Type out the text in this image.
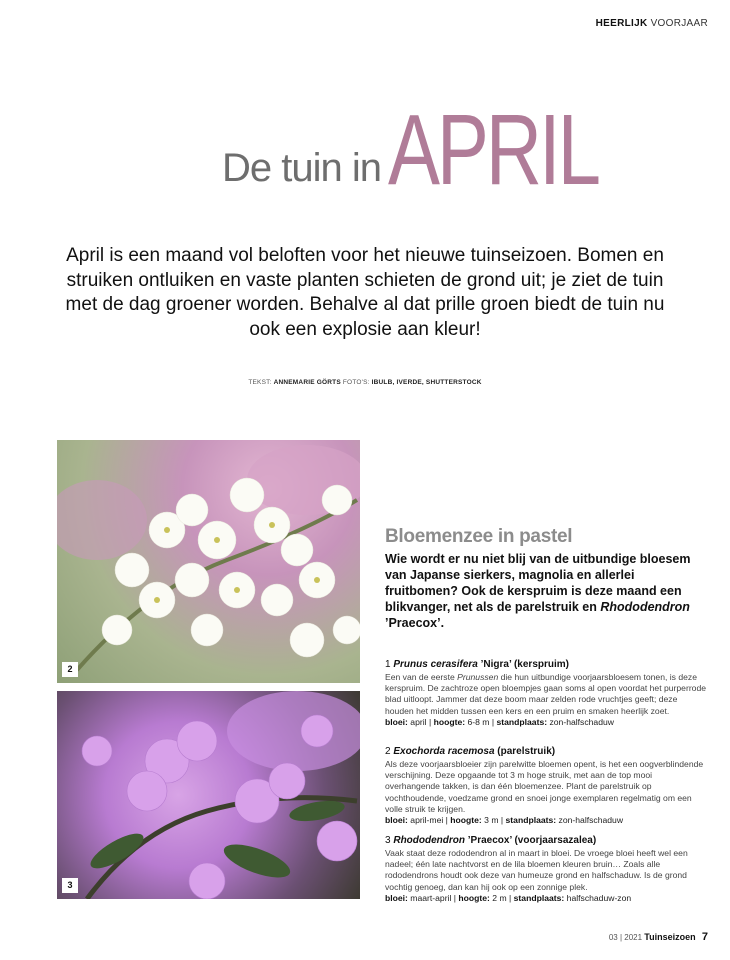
HEERLIJK VOORJAAR
De tuin in APRIL

April is een maand vol beloften voor het nieuwe tuinseizoen. Bomen en struiken ontluiken en vaste planten schieten de grond uit; je ziet de tuin met de dag groener worden. Behalve al dat prille groen biedt de tuin nu ook een explosie aan kleur!

TEKST: ANNEMARIE GÖRTS FOTO'S: IBULB, IVERDE, SHUTTERSTOCK
2
3
Bloemenzee in pastel

Wie wordt er nu niet blij van de uitbundige bloesem van Japanse sierkers, magnolia en allerlei fruitbomen? Ook de kerspruim is deze maand een blikvanger, net als de parelstruik en Rhododendron ’Praecox’.

1 Prunus cerasifera ’Nigra’ (kerspruim)
Een van de eerste Prunussen die hun uitbundige voorjaarsbloesem tonen, is deze kerspruim. De zachtroze open bloempjes gaan soms al open voordat het purperrode blad uitloopt. Jammer dat deze boom maar zelden rode vruchtjes geeft; deze houden het midden tussen een kers en een pruim en smaken heerlijk zoet.
bloei: april | hoogte: 6-8 m | standplaats: zon-halfschaduw
2 Exochorda racemosa (parelstruik)
Als deze voorjaarsbloeier zijn parelwitte bloemen opent, is het een oogverblindende verschijning. Deze opgaande tot 3 m hoge struik, met aan de top mooi overhangende takken, is dan één bloemenzee. Plant de parelstruik op vochthoudende, voedzame grond en snoei jonge exemplaren regelmatig om een volle struik te krijgen.
bloei: april-mei | hoogte: 3 m | standplaats: zon-halfschaduw
3 Rhododendron ’Praecox’ (voorjaarsazalea)
Vaak staat deze rododendron al in maart in bloei. De vroege bloei heeft wel een nadeel; één late nachtvorst en de lila bloemen kleuren bruin… Zoals alle rododendrons houdt ook deze van humeuze grond en halfschaduw. Is de grond vochtig genoeg, dan kan hij ook op een zonnige plek.
bloei: maart-april | hoogte: 2 m | standplaats: halfschaduw-zon
03 | 2021 Tuinseizoen 7
